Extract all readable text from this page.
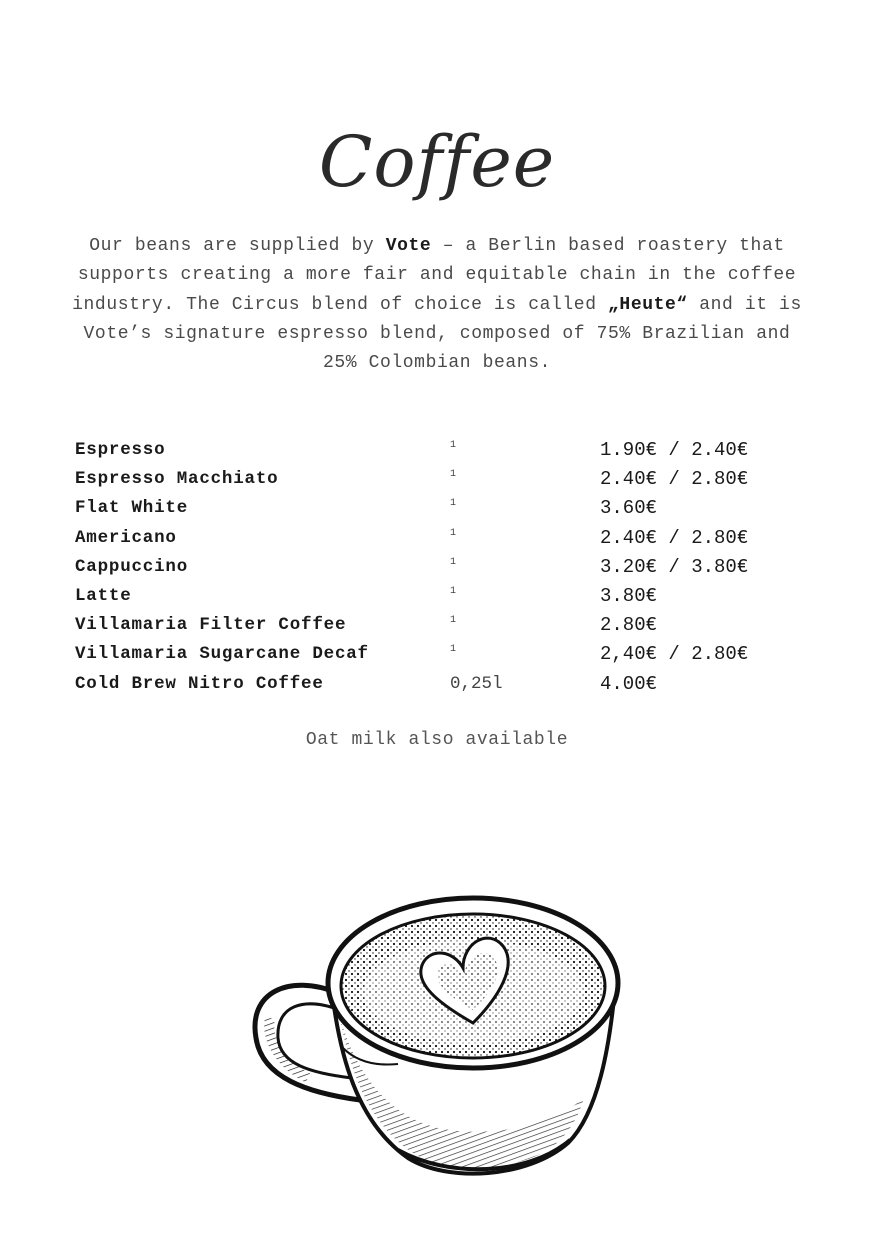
Coffee
Our beans are supplied by Vote – a Berlin based roastery that supports creating a more fair and equitable chain in the coffee industry. The Circus blend of choice is called „Heute“ and it is Vote’s signature espresso blend, composed of 75% Brazilian and 25% Colombian beans.
Espresso	1	1.90€ / 2.40€
Espresso Macchiato	1	2.40€ / 2.80€
Flat White	1	3.60€
Americano	1	2.40€ / 2.80€
Cappuccino	1	3.20€ / 3.80€
Latte	1	3.80€
Villamaria Filter Coffee	1	2.80€
Villamaria Sugarcane Decaf	1	2,40€ / 2.80€
Cold Brew Nitro Coffee	0,25l	4.00€
Oat milk also available
